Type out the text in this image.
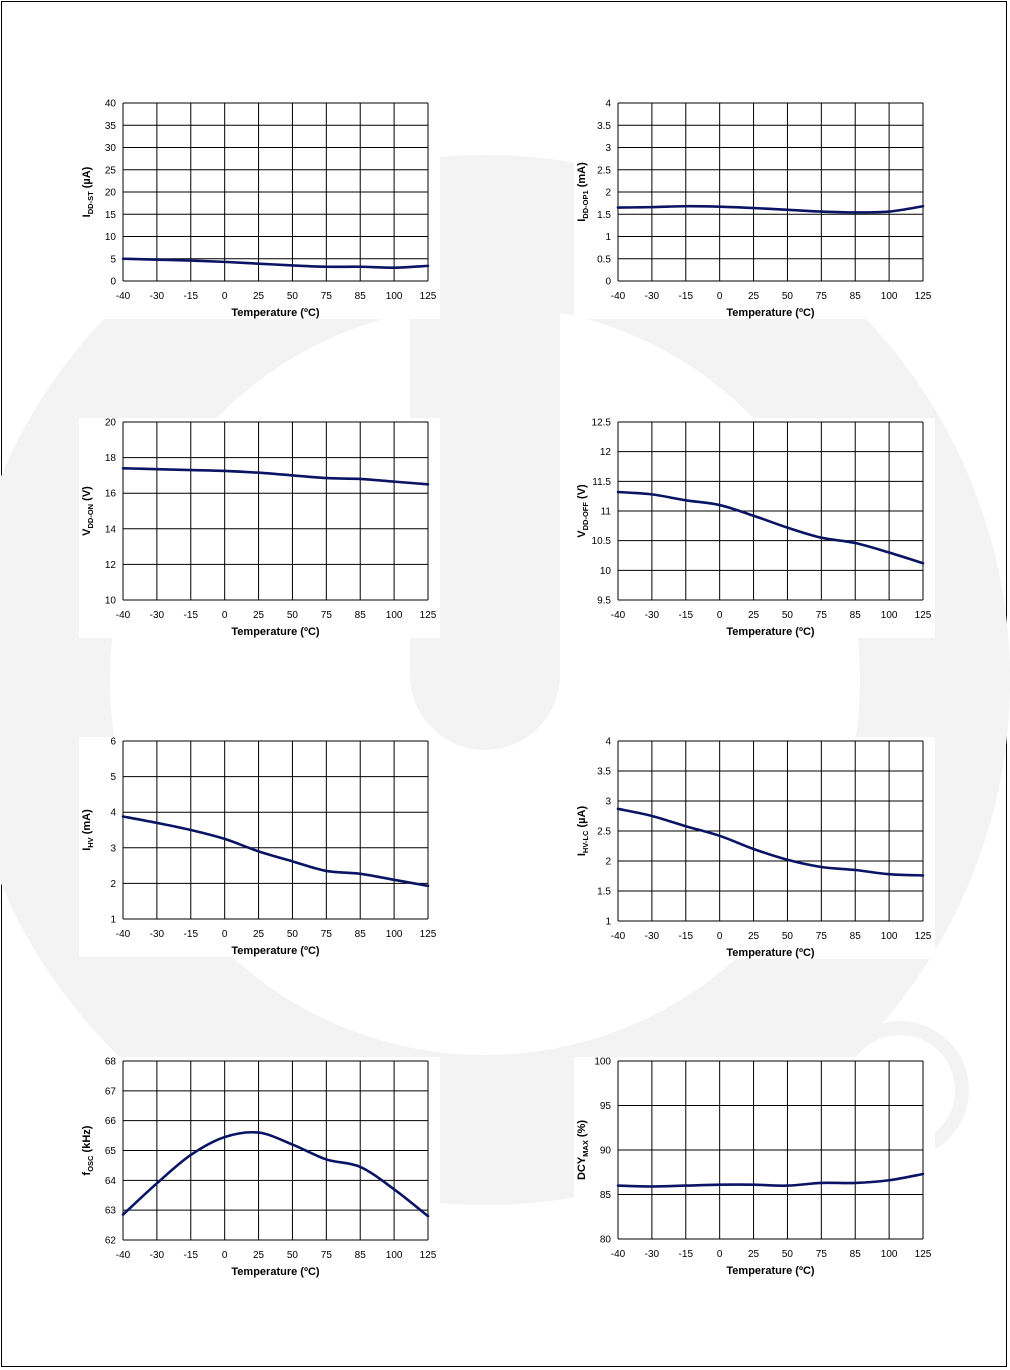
0
5
10
15
20
25
30
35
40
-40 -30 -15 0	25 50 75 85 100 125
Temperature (ºC)
$I_{DD-ST}$ (µA)
0
0.5
1
1.5
2
2.5
3
3.5
4
-40 -30 -15 0	25 50 75 85 100 125
Temperature (ºC)
$I_{DD-OP1}$ (mA)
10
12
14
16
18
20
-40 -30 -15 0	25 50 75 85 100 125
Temperature (ºC)
$V_{DD-ON}$ (V)
9.5
10
10.5
11
11.5
12
12.5
-40 -30 -15 0	25 50 75 85 100 125
Temperature (ºC)
$V_{DD-OFF}$ (V)
1
2
3
4
5
6
-40 -30 -15 0	25 50 75 85 100 125
Temperature (ºC)
$I_{HV}$ (mA)
1
1.5
2
2.5
3
3.5
4
-40 -30 -15 0	25 50 75 85 100 125
Temperature (ºC)
$I_{HV-LC}$ (µA)
62
63
64
65
66
67
68
-40 -30 -15 0	25 50 75 85 100 125
Temperature (ºC)
$f_{OSC}$ (kHz)
80
85
90
95
100
-40 -30 -15 0	25 50 75 85 100 125
Temperature (ºC)
$DCY_{MAX}$ (%)
